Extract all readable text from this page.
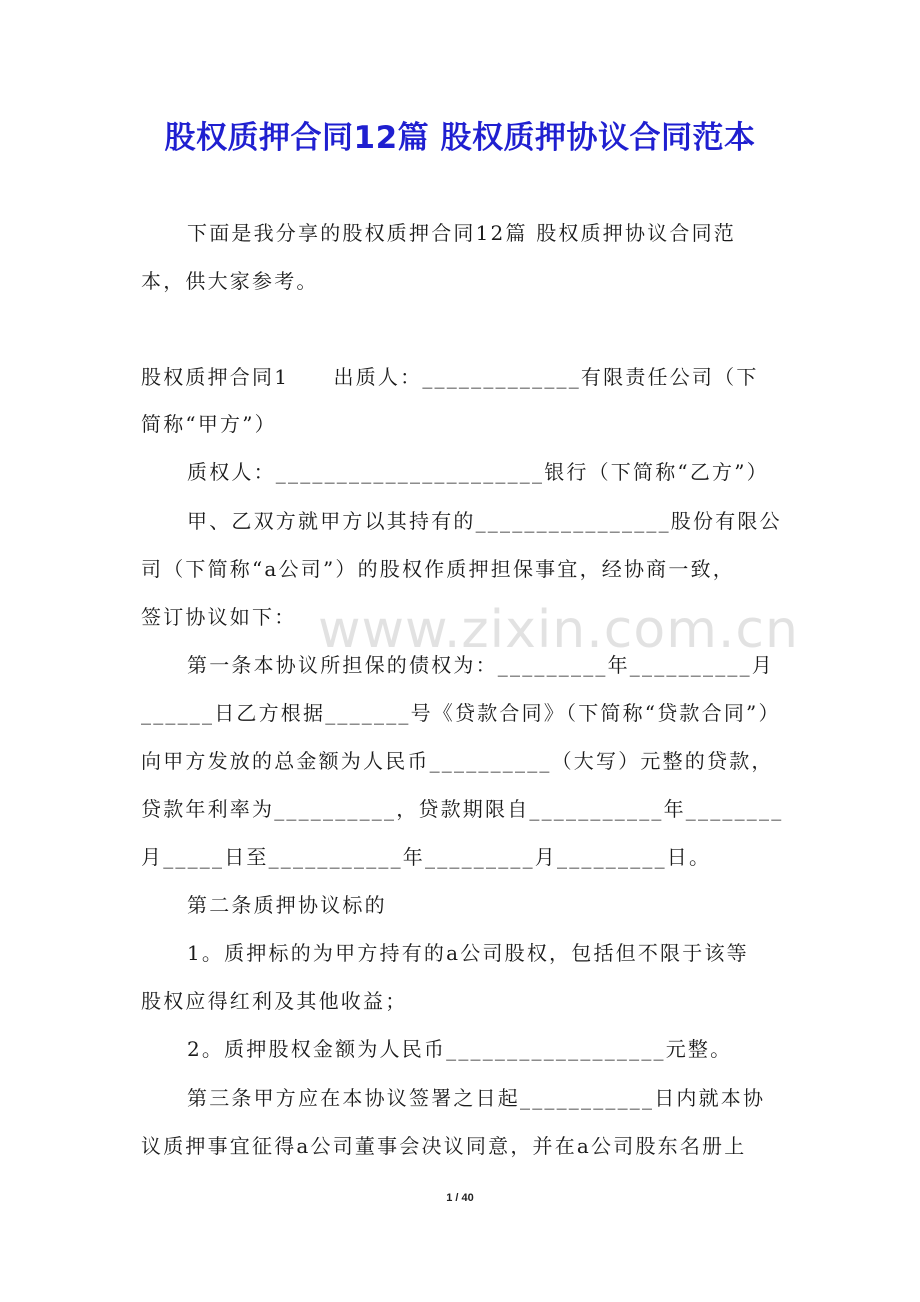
股权质押合同12篇 股权质押协议合同范本
www.zixin.com.cn
下面是我分享的股权质押合同12篇 股权质押协议合同范
本，供大家参考。
股权质押合同1　　出质人：_____________有限责任公司（下
简称“甲方”）
质权人：______________________银行（下简称“乙方”）
甲、乙双方就甲方以其持有的________________股份有限公
司（下简称“a公司”）的股权作质押担保事宜，经协商一致，
签订协议如下：
第一条本协议所担保的债权为：_________年__________月
______日乙方根据_______号《贷款合同》（下简称“贷款合同”）
向甲方发放的总金额为人民币__________（大写）元整的贷款，
贷款年利率为__________，贷款期限自___________年________
月_____日至___________年_________月_________日。
第二条质押协议标的
1。质押标的为甲方持有的a公司股权，包括但不限于该等
股权应得红利及其他收益；
2。质押股权金额为人民币__________________元整。
第三条甲方应在本协议签署之日起___________日内就本协
议质押事宜征得a公司董事会决议同意，并在a公司股东名册上
1 / 40
